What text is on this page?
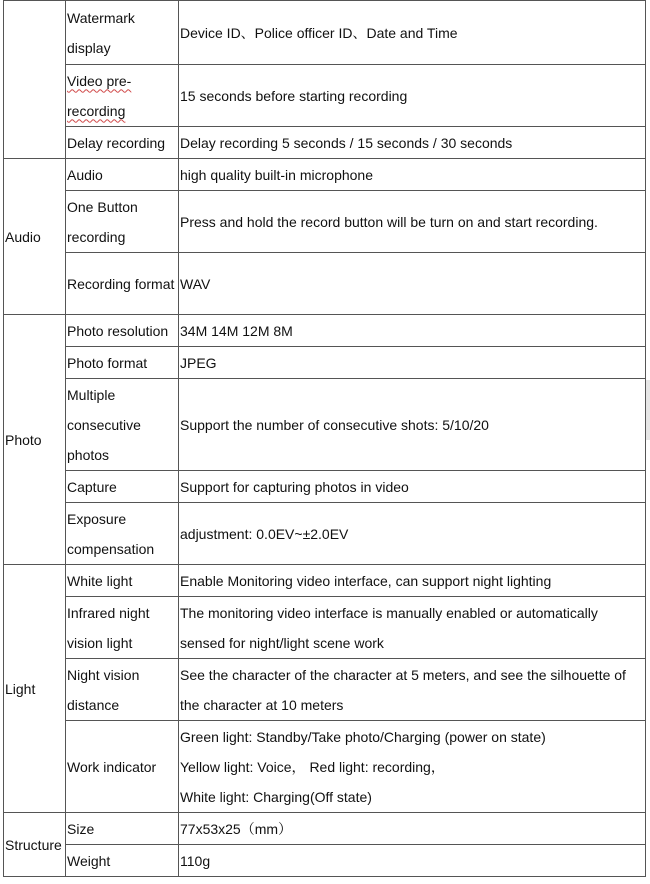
	Watermark display	Device ID、Police officer ID、Date and Time
	Video pre-recording	15 seconds before starting recording
	Delay recording	Delay recording 5 seconds / 15 seconds / 30 seconds
Audio	Audio	high quality built-in microphone
	One Button recording	Press and hold the record button will be turn on and start recording.
	Recording format	WAV
Photo	Photo resolution	34M 14M 12M 8M
	Photo format	JPEG
	Multiple consecutive photos	Support the number of consecutive shots: 5/10/20
	Capture	Support for capturing photos in video
	Exposure compensation	adjustment: 0.0EV~±2.0EV
Light	White light	Enable Monitoring video interface, can support night lighting
	Infrared night vision light	The monitoring video interface is manually enabled or automatically sensed for night/light scene work
	Night vision distance	See the character of the character at 5 meters, and see the silhouette of the character at 10 meters
	Work indicator	Green light: Standby/Take photo/Charging (power on state)
Yellow light: Voice， Red light: recording，
White light: Charging(Off state)

Structure	Size	77x53x25（mm）
	Weight	110g
